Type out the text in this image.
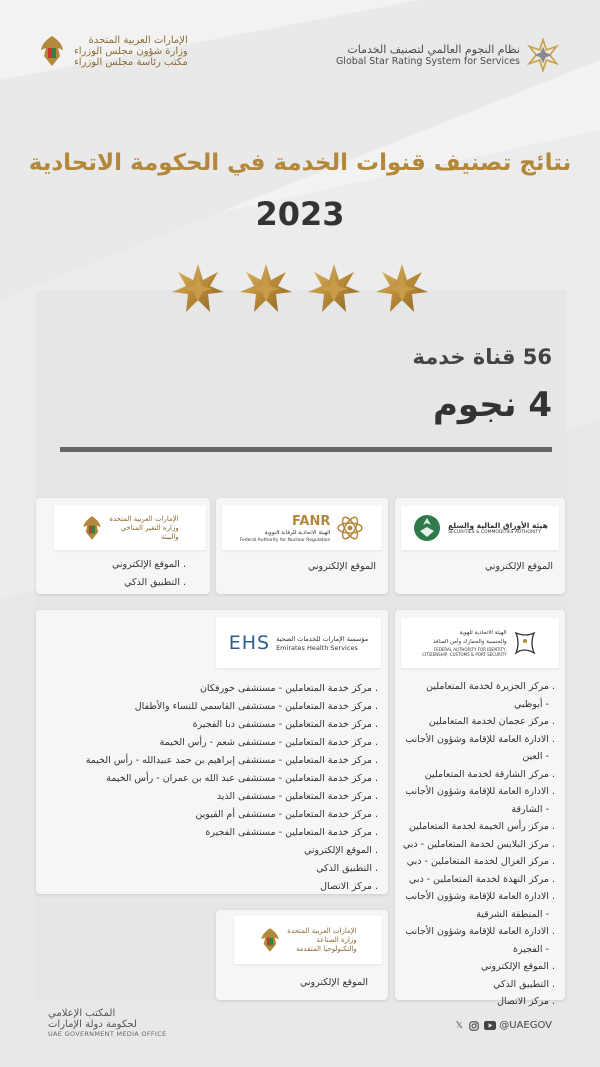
نظام النجوم العالمي لتصنيف الخدمات
Global Star Rating System for Services
الإمارات العربية المتحدة
وزارة شؤون مجلس الوزراء
مكتب رئاسة مجلس الوزراء
نتائج تصنيف قنوات الخدمة في الحكومة الاتحادية
2023
56 قناة خدمة
4 نجوم
هيئة الأوراق المالية والسلع
SECURITIES & COMMODITIES AUTHORITY
الموقع الإلكتروني
FANR
الهيئة الاتحادية للرقابة النووية
Federal Authority for Nuclear Regulation
الموقع الإلكتروني
الإمارات العربية المتحدة
وزارة التغير المناخي
والبيئة
. الموقع الإلكتروني
. التطبيق الذكي
الهيئة الاتحادية للهوية
والجنسية والجمارك وأمن المنافذ
FEDERAL AUTHORITY FOR IDENTITY,
CITIZENSHIP, CUSTOMS & PORT SECURITY
. مركز الجزيرة لخدمة المتعاملين
- أبوظبي
. مركز عجمان لخدمة المتعاملين
. الادارة العامة للإقامة وشؤون الأجانب
- العين
. مركز الشارقة لخدمة المتعاملين
. الادارة العامة للإقامة وشؤون الأجانب
- الشارقة
. مركز رأس الخيمة لخدمة المتعاملين
. مركز البلايس لخدمة المتعاملين - دبي
. مركز الغزال لخدمة المتعاملين - دبي
. مركز النهدة لخدمة المتعاملين - دبي
. الادارة العامة للإقامة وشؤون الأجانب
- المنطقة الشرقية
. الادارة العامة للإقامة وشؤون الأجانب
- الفجيرة
. الموقع الإلكتروني
. التطبيق الذكي
. مركز الاتصال
EHS مؤسسة الإمارات للخدمات الصحية
Emirates Health Services
. مركز خدمة المتعاملين - مستشفى خورفكان
. مركز خدمة المتعاملين - مستشفى القاسمي للنساء والأطفال
. مركز خدمة المتعاملين - مستشفى دبا الفجيرة
. مركز خدمة المتعاملين - مستشفى شعم - رأس الخيمة
. مركز خدمة المتعاملين - مستشفى إبراهيم بن حمد عبيدالله - رأس الخيمة
. مركز خدمة المتعاملين - مستشفى عبد الله بن عمران - رأس الخيمة
. مركز خدمة المتعاملين - مستشفى الذيد
. مركز خدمة المتعاملين - مستشفى أم القيوين
. مركز خدمة المتعاملين - مستشفى الفجيرة
. الموقع الإلكتروني
. التطبيق الذكي
. مركز الاتصال
الإمارات العربية المتحدة
وزارة الصناعة
والتكنولوجيا المتقدمة
الموقع الإلكتروني
المكتب الإعلامي
لحكومة دولة الإمارات
UAE GOVERNMENT MEDIA OFFICE
𝕏	@UAEGOV
